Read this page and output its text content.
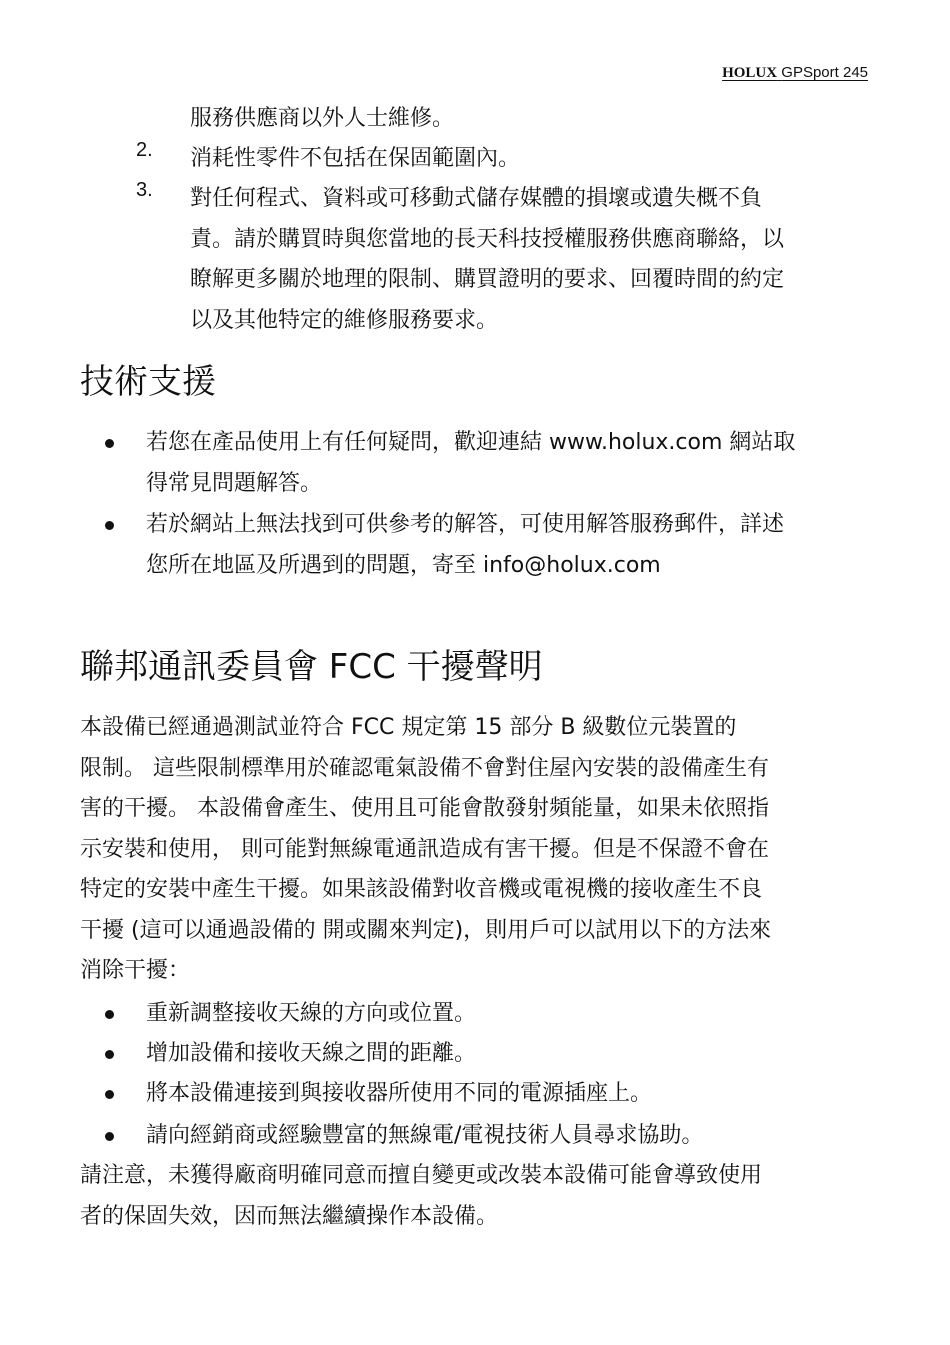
HOLUX GPSport 245
服務供應商以外人士維修。
2. 消耗性零件不包括在保固範圍內。
3. 對任何程式、資料或可移動式儲存媒體的損壞或遺失概不負
責。請於購買時與您當地的長天科技授權服務供應商聯絡，以
瞭解更多關於地理的限制、購買證明的要求、回覆時間的約定
以及其他特定的維修服務要求。
技術支援
若您在產品使用上有任何疑問，歡迎連結 www.holux.com 網站取
得常見問題解答。
若於網站上無法找到可供參考的解答，可使用解答服務郵件，詳述
您所在地區及所遇到的問題，寄至 info@holux.com
聯邦通訊委員會 FCC 干擾聲明
本設備已經通過測試並符合 FCC 規定第 15 部分 B 級數位元裝置的
限制。 這些限制標準用於確認電氣設備不會對住屋內安裝的設備產生有
害的干擾。 本設備會產生、使用且可能會散發射頻能量，如果未依照指
示安裝和使用， 則可能對無線電通訊造成有害干擾。但是不保證不會在
特定的安裝中產生干擾。如果該設備對收音機或電視機的接收產生不良
干擾 (這可以通過設備的 開或關來判定)，則用戶可以試用以下的方法來
消除干擾：
重新調整接收天線的方向或位置。
增加設備和接收天線之間的距離。
將本設備連接到與接收器所使用不同的電源插座上。
請向經銷商或經驗豐富的無線電/電視技術人員尋求協助。
請注意，未獲得廠商明確同意而擅自變更或改裝本設備可能會導致使用
者的保固失效，因而無法繼續操作本設備。
